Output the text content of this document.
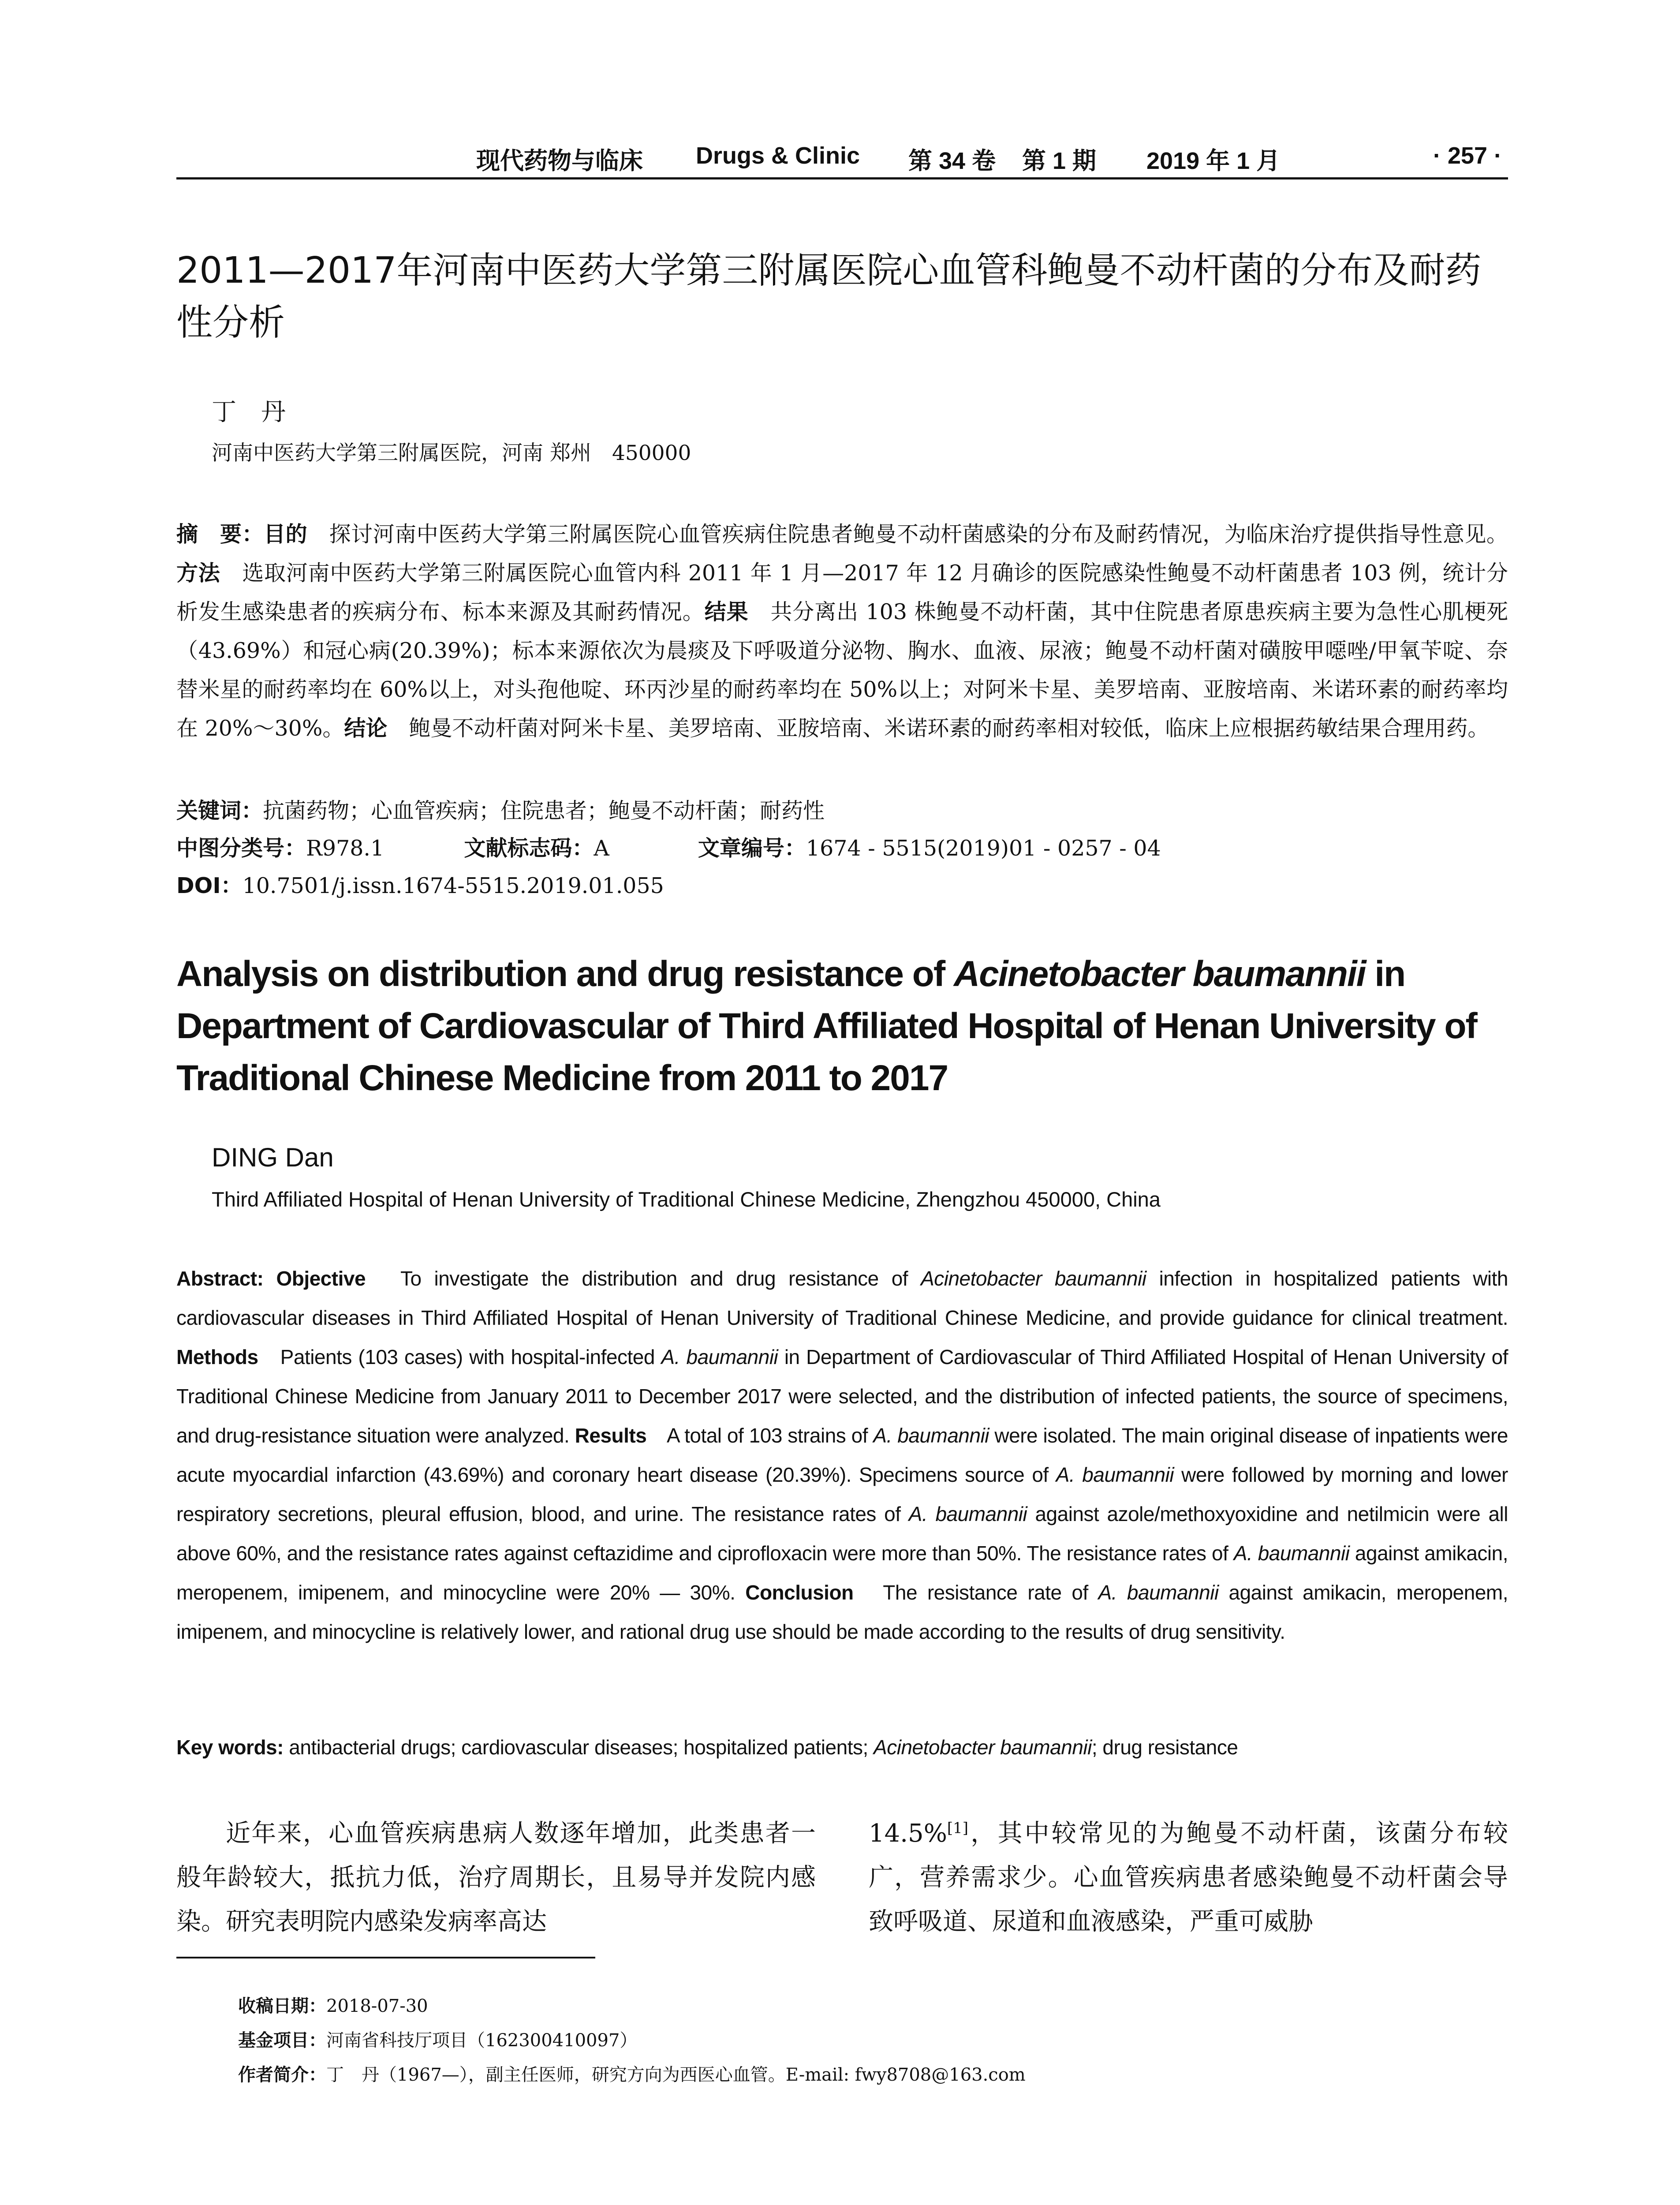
现代药物与临床 Drugs & Clinic 第 34 卷 第 1 期 2019 年 1 月	· 257 ·
2011—2017年河南中医药大学第三附属医院心血管科鲍曼不动杆菌的分布及耐药性分析
丁　丹
河南中医药大学第三附属医院，河南 郑州　450000
摘　要：目的　探讨河南中医药大学第三附属医院心血管疾病住院患者鲍曼不动杆菌感染的分布及耐药情况，为临床治疗提供指导性意见。方法　选取河南中医药大学第三附属医院心血管内科 2011 年 1 月—2017 年 12 月确诊的医院感染性鲍曼不动杆菌患者 103 例，统计分析发生感染患者的疾病分布、标本来源及其耐药情况。结果　共分离出 103 株鲍曼不动杆菌，其中住院患者原患疾病主要为急性心肌梗死（43.69%）和冠心病(20.39%)；标本来源依次为晨痰及下呼吸道分泌物、胸水、血液、尿液；鲍曼不动杆菌对磺胺甲噁唑/甲氧苄啶、奈替米星的耐药率均在 60%以上，对头孢他啶、环丙沙星的耐药率均在 50%以上；对阿米卡星、美罗培南、亚胺培南、米诺环素的耐药率均在 20%～30%。结论　鲍曼不动杆菌对阿米卡星、美罗培南、亚胺培南、米诺环素的耐药率相对较低，临床上应根据药敏结果合理用药。
关键词：抗菌药物；心血管疾病；住院患者；鲍曼不动杆菌；耐药性
中图分类号：R978.1	文献标志码：A	文章编号：1674 - 5515(2019)01 - 0257 - 04
DOI：10.7501/j.issn.1674-5515.2019.01.055
Analysis on distribution and drug resistance of Acinetobacter baumannii in Department of Cardiovascular of Third Affiliated Hospital of Henan University of Traditional Chinese Medicine from 2011 to 2017
DING Dan
Third Affiliated Hospital of Henan University of Traditional Chinese Medicine, Zhengzhou 450000, China
Abstract: Objective　To investigate the distribution and drug resistance of Acinetobacter baumannii infection in hospitalized patients with cardiovascular diseases in Third Affiliated Hospital of Henan University of Traditional Chinese Medicine, and provide guidance for clinical treatment. Methods　Patients (103 cases) with hospital-infected A. baumannii in Department of Cardiovascular of Third Affiliated Hospital of Henan University of Traditional Chinese Medicine from January 2011 to December 2017 were selected, and the distribution of infected patients, the source of specimens, and drug-resistance situation were analyzed. Results　A total of 103 strains of A. baumannii were isolated. The main original disease of inpatients were acute myocardial infarction (43.69%) and coronary heart disease (20.39%). Specimens source of A. baumannii were followed by morning and lower respiratory secretions, pleural effusion, blood, and urine. The resistance rates of A. baumannii against azole/methoxyoxidine and netilmicin were all above 60%, and the resistance rates against ceftazidime and ciprofloxacin were more than 50%. The resistance rates of A. baumannii against amikacin, meropenem, imipenem, and minocycline were 20% — 30%. Conclusion　The resistance rate of A. baumannii against amikacin, meropenem, imipenem, and minocycline is relatively lower, and rational drug use should be made according to the results of drug sensitivity.
Key words: antibacterial drugs; cardiovascular diseases; hospitalized patients; Acinetobacter baumannii; drug resistance
近年来，心血管疾病患病人数逐年增加，此类患者一般年龄较大，抵抗力低，治疗周期长，且易导并发院内感染。研究表明院内感染发病率高达
14.5%[1]，其中较常见的为鲍曼不动杆菌，该菌分布较广，营养需求少。心血管疾病患者感染鲍曼不动杆菌会导致呼吸道、尿道和血液感染，严重可威胁
收稿日期：2018-07-30
基金项目：河南省科技厅项目（162300410097）
作者简介：丁　丹（1967—），副主任医师，研究方向为西医心血管。E-mail: fwy8708@163.com
